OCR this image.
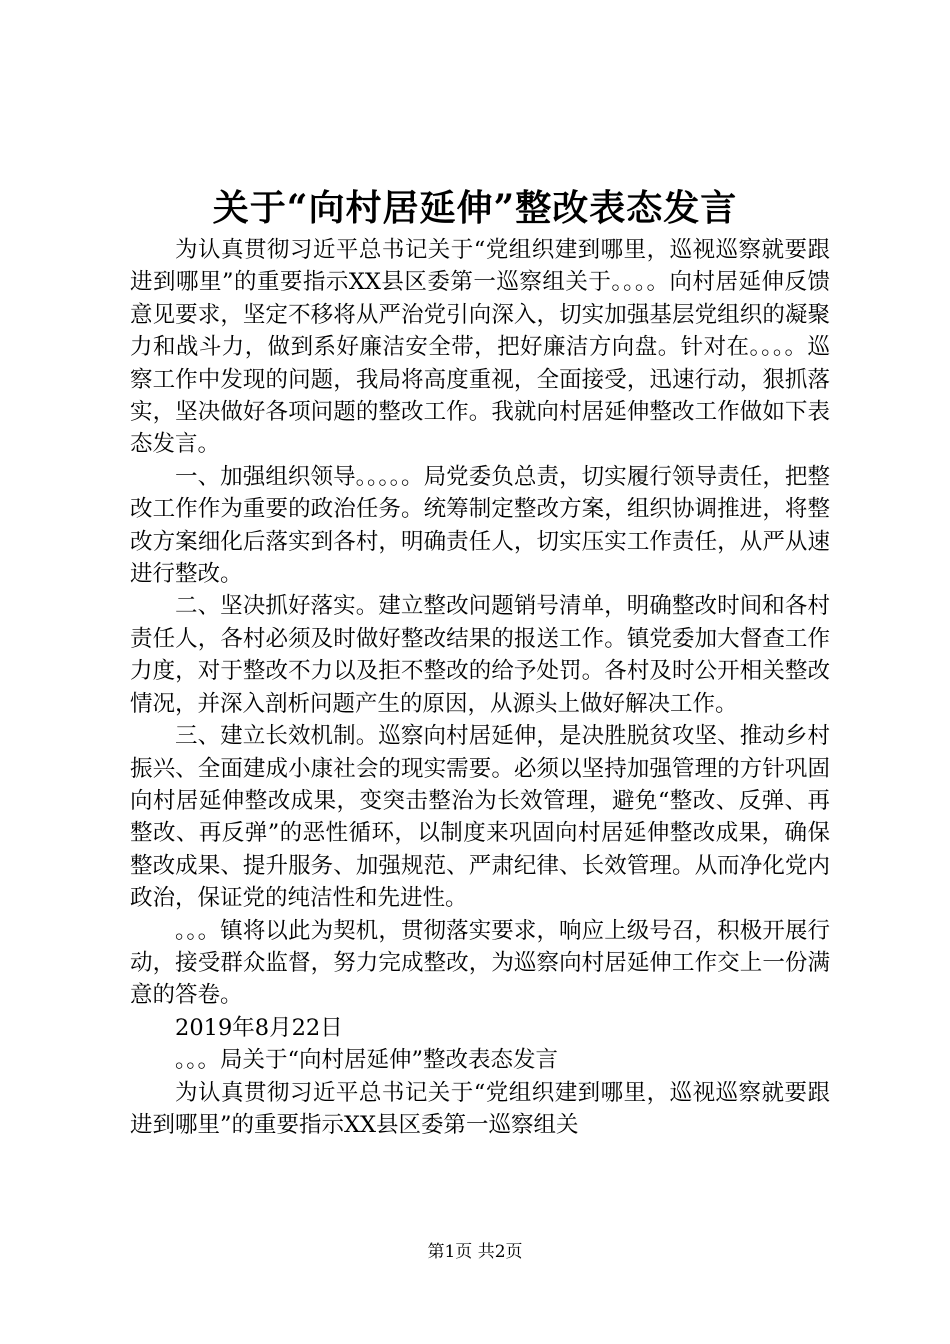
关于“向村居延伸”整改表态发言

为认真贯彻习近平总书记关于“党组织建到哪里，巡视巡察就要跟进到哪里”的重要指示XX县区委第一巡察组关于。。。。向村居延伸反馈意见要求，坚定不移将从严治党引向深入，切实加强基层党组织的凝聚力和战斗力，做到系好廉洁安全带，把好廉洁方向盘。针对在。。。。巡察工作中发现的问题，我局将高度重视，全面接受，迅速行动，狠抓落实，坚决做好各项问题的整改工作。我就向村居延伸整改工作做如下表态发言。

一、加强组织领导。。。。。局党委负总责，切实履行领导责任，把整改工作作为重要的政治任务。统筹制定整改方案，组织协调推进，将整改方案细化后落实到各村，明确责任人，切实压实工作责任，从严从速进行整改。

二、坚决抓好落实。建立整改问题销号清单，明确整改时间和各村责任人，各村必须及时做好整改结果的报送工作。镇党委加大督查工作力度，对于整改不力以及拒不整改的给予处罚。各村及时公开相关整改情况，并深入剖析问题产生的原因，从源头上做好解决工作。

三、建立长效机制。巡察向村居延伸，是决胜脱贫攻坚、推动乡村振兴、全面建成小康社会的现实需要。必须以坚持加强管理的方针巩固向村居延伸整改成果，变突击整治为长效管理，避免“整改、反弹、再整改、再反弹”的恶性循环，以制度来巩固向村居延伸整改成果，确保整改成果、提升服务、加强规范、严肃纪律、长效管理。从而净化党内政治，保证党的纯洁性和先进性。

。。。镇将以此为契机，贯彻落实要求，响应上级号召，积极开展行动，接受群众监督，努力完成整改，为巡察向村居延伸工作交上一份满意的答卷。

2019年8月22日

。。。局关于“向村居延伸”整改表态发言

为认真贯彻习近平总书记关于“党组织建到哪里，巡视巡察就要跟进到哪里”的重要指示XX县区委第一巡察组关

第1页 共2页
